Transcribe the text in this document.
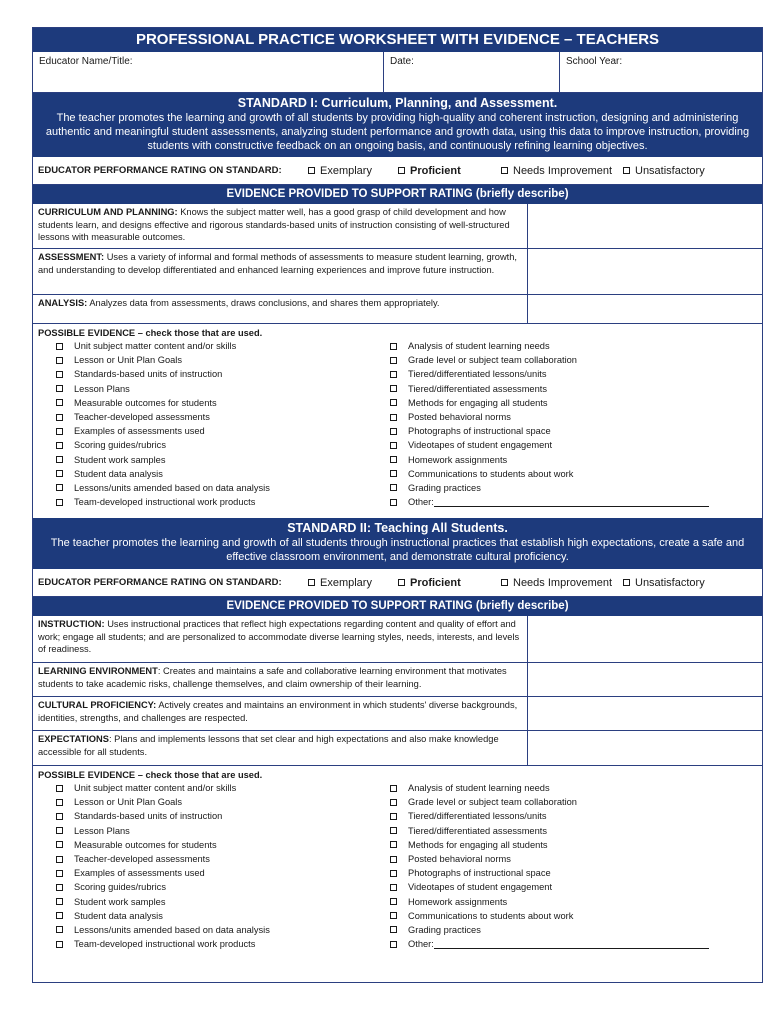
PROFESSIONAL PRACTICE WORKSHEET WITH EVIDENCE – TEACHERS
Educator Name/Title:	Date:	School Year:
STANDARD I: Curriculum, Planning, and Assessment.
The teacher promotes the learning and growth of all students by providing high-quality and coherent instruction, designing and administering authentic and meaningful student assessments, analyzing student performance and growth data, using this data to improve instruction, providing students with constructive feedback on an ongoing basis, and continuously refining learning objectives.
EDUCATOR PERFORMANCE RATING ON STANDARD:	Exemplary	Proficient	Needs Improvement Unsatisfactory
EVIDENCE PROVIDED TO SUPPORT RATING (briefly describe)
CURRICULUM AND PLANNING: Knows the subject matter well, has a good grasp of child development and how students learn, and designs effective and rigorous standards-based units of instruction consisting of well-structured lessons with measurable outcomes.
ASSESSMENT: Uses a variety of informal and formal methods of assessments to measure student learning, growth, and understanding to develop differentiated and enhanced learning experiences and improve future instruction.
ANALYSIS: Analyzes data from assessments, draws conclusions, and shares them appropriately.
POSSIBLE EVIDENCE – check those that are used.
Unit subject matter content and/or skills
Lesson or Unit Plan Goals
Standards-based units of instruction
Lesson Plans
Measurable outcomes for students
Teacher-developed assessments
Examples of assessments used
Scoring guides/rubrics
Student work samples
Student data analysis
Lessons/units amended based on data analysis
Team-developed instructional work products
Analysis of student learning needs
Grade level or subject team collaboration
Tiered/differentiated lessons/units
Tiered/differentiated assessments
Methods for engaging all students
Posted behavioral norms
Photographs of instructional space
Videotapes of student engagement
Homework assignments
Communications to students about work
Grading practices
Other:
STANDARD II: Teaching All Students.
The teacher promotes the learning and growth of all students through instructional practices that establish high expectations, create a safe and effective classroom environment, and demonstrate cultural proficiency.
EDUCATOR PERFORMANCE RATING ON STANDARD:	Exemplary	Proficient	Needs Improvement Unsatisfactory
EVIDENCE PROVIDED TO SUPPORT RATING (briefly describe)
INSTRUCTION: Uses instructional practices that reflect high expectations regarding content and quality of effort and work; engage all students; and are personalized to accommodate diverse learning styles, needs, interests, and levels of readiness.
LEARNING ENVIRONMENT: Creates and maintains a safe and collaborative learning environment that motivates students to take academic risks, challenge themselves, and claim ownership of their learning.
CULTURAL PROFICIENCY: Actively creates and maintains an environment in which students' diverse backgrounds, identities, strengths, and challenges are respected.
EXPECTATIONS: Plans and implements lessons that set clear and high expectations and also make knowledge accessible for all students.
POSSIBLE EVIDENCE – check those that are used.
Unit subject matter content and/or skills
Lesson or Unit Plan Goals
Standards-based units of instruction
Lesson Plans
Measurable outcomes for students
Teacher-developed assessments
Examples of assessments used
Scoring guides/rubrics
Student work samples
Student data analysis
Lessons/units amended based on data analysis
Team-developed instructional work products
Analysis of student learning needs
Grade level or subject team collaboration
Tiered/differentiated lessons/units
Tiered/differentiated assessments
Methods for engaging all students
Posted behavioral norms
Photographs of instructional space
Videotapes of student engagement
Homework assignments
Communications to students about work
Grading practices
Other:
